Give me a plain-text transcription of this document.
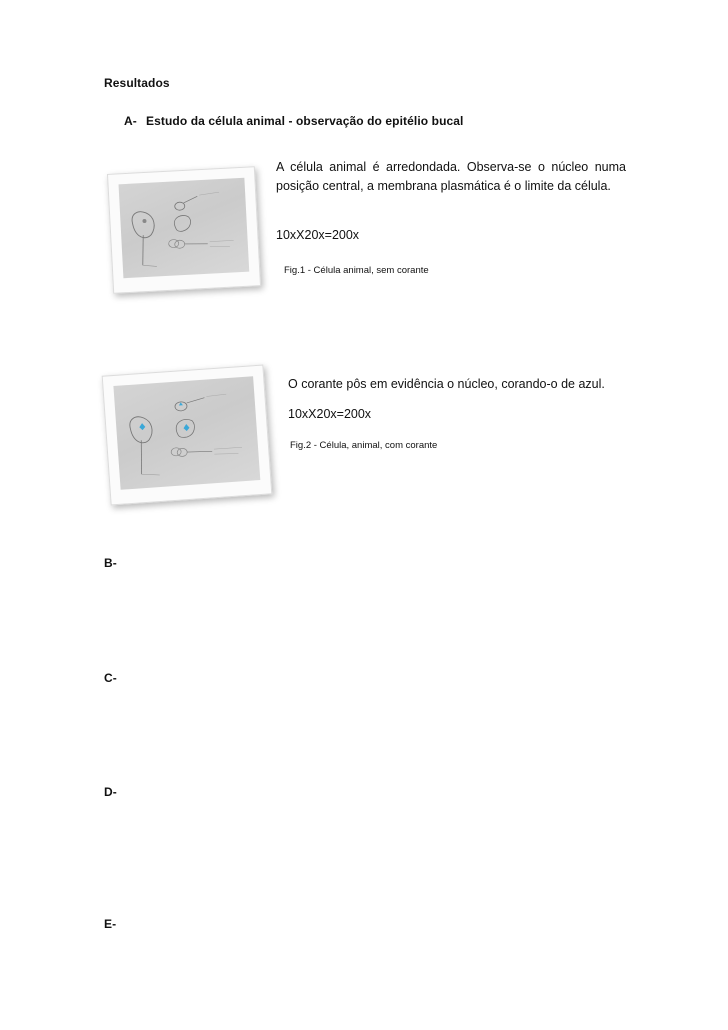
Resultados
A- Estudo da célula animal - observação do epitélio bucal
A célula animal é arredondada. Observa-se o núcleo numa
posição central, a membrana plasmática é o limite da célula.
10xX20x=200x
Fig.1 - Célula animal, sem corante
O corante pôs em evidência o núcleo, corando-o de azul.
10xX20x=200x
Fig.2 - Célula, animal, com corante
B-
C-
D-
E-
